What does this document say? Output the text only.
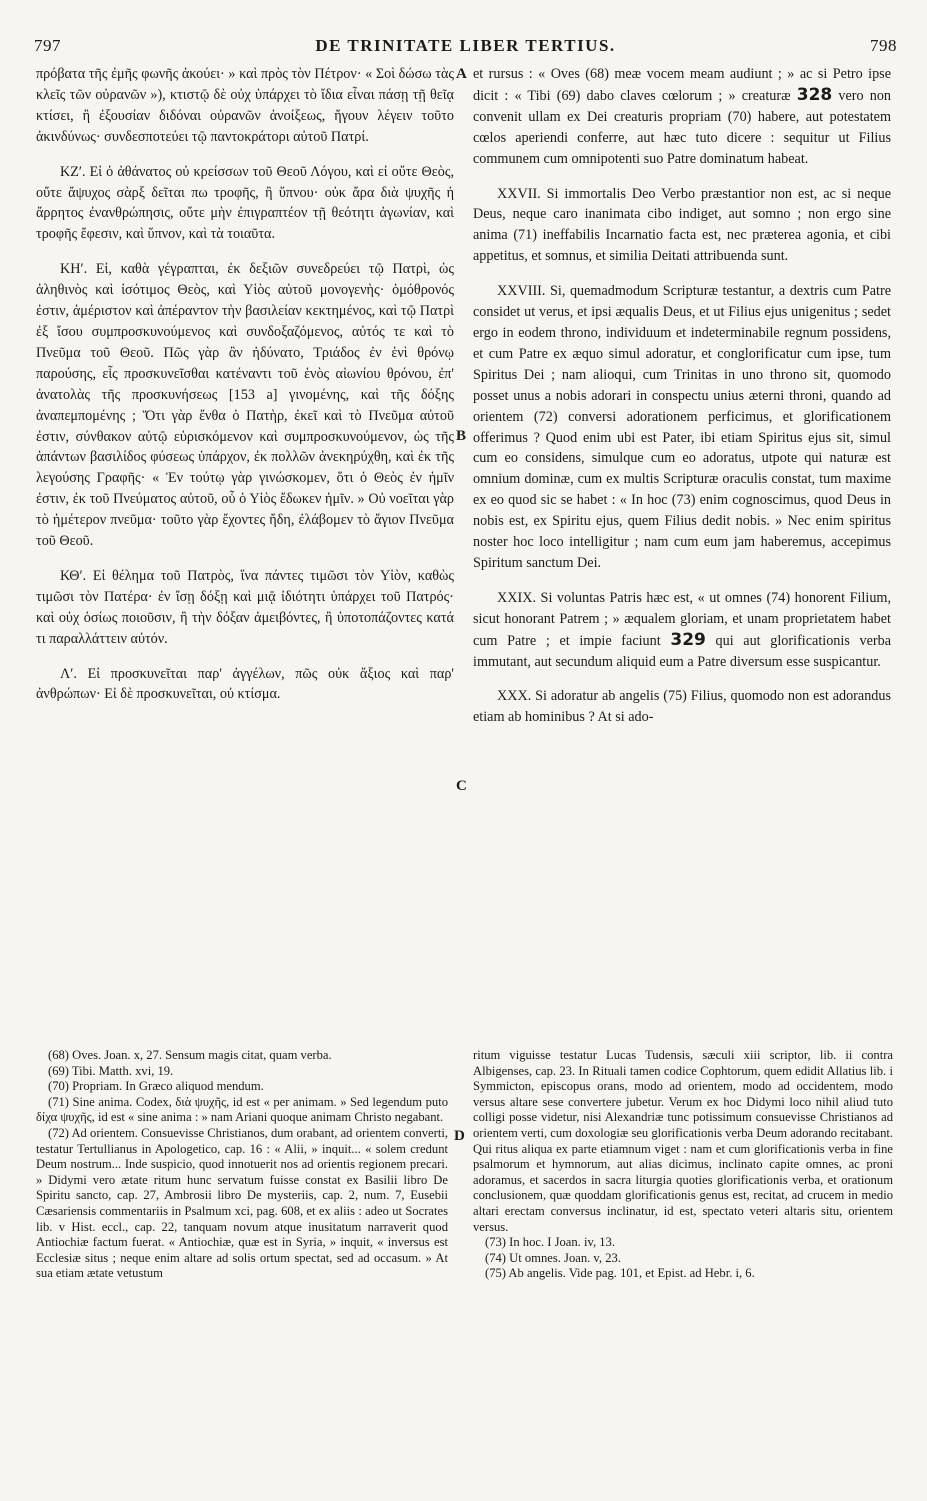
797	DE TRINITATE LIBER TERTIUS.	798

πρόβατα τῆς ἐμῆς φωνῆς ἀκούει· » καὶ πρὸς τὸν Πέτρον· « Σοὶ δώσω τὰς κλεῖς τῶν οὐρανῶν »), κτιστῷ δὲ οὐχ ὑπάρχει τὸ ἴδια εἶναι πάσῃ τῇ θεῖᾳ κτίσει, ἢ ἐξουσίαν διδόναι οὐρανῶν ἀνοίξεως, ἤγουν λέγειν τοῦτο ἀκινδύνως· συνδεσποτεύει τῷ παντοκράτορι αὐτοῦ Πατρί.

ΚΖʹ. Εἰ ὁ ἀθάνατος οὐ κρείσσων τοῦ Θεοῦ Λόγου, καὶ εἰ οὔτε Θεὸς, οὔτε ἄψυχος σὰρξ δεῖται πω τροφῆς, ἢ ὕπνου· οὐκ ἄρα διὰ ψυχῆς ἡ ἄρρητος ἐνανθρώπησις, οὔτε μὴν ἐπιγραπτέον τῇ θεότητι ἀγωνίαν, καὶ τροφῆς ἔφεσιν, καὶ ὕπνον, καὶ τὰ τοιαῦτα.

ΚΗʹ. Εἰ, καθὰ γέγραπται, ἐκ δεξιῶν συνεδρεύει τῷ Πατρὶ, ὡς ἀληθινὸς καὶ ἰσότιμος Θεὸς, καὶ Υἱὸς αὐτοῦ μονογενὴς· ὁμόθρονός ἐστιν, ἀμέριστον καὶ ἀπέραντον τὴν βασιλείαν κεκτημένος, καὶ τῷ Πατρὶ ἐξ ἴσου συμπροσκυνούμενος καὶ συνδοξαζόμενος, αὐτός τε καὶ τὸ Πνεῦμα τοῦ Θεοῦ. Πῶς γὰρ ἂν ἠδύνατο, Τριάδος ἐν ἑνὶ θρόνῳ παρούσης, εἷς προσκυνεῖσθαι κατέναντι τοῦ ἑνὸς αἰωνίου θρόνου, ἐπ' ἀνατολὰς τῆς προσκυνήσεως [153 a] γινομένης, καὶ τῆς δόξης ἀναπεμπομένης ; Ὅτι γὰρ ἔνθα ὁ Πατὴρ, ἐκεῖ καὶ τὸ Πνεῦμα αὐτοῦ ἐστιν, σύνθακον αὐτῷ εὑρισκόμενον καὶ συμπροσκυνούμενον, ὡς τῆς ἁπάντων βασιλίδος φύσεως ὑπάρχον, ἐκ πολλῶν ἀνεκηρύχθη, καὶ ἐκ τῆς λεγούσης Γραφῆς· « Ἐν τούτῳ γὰρ γινώσκομεν, ὅτι ὁ Θεὸς ἐν ἡμῖν ἐστιν, ἐκ τοῦ Πνεύματος αὐτοῦ, οὗ ὁ Υἱὸς ἔδωκεν ἡμῖν. » Οὐ νοεῖται γὰρ τὸ ἡμέτερον πνεῦμα· τοῦτο γὰρ ἔχοντες ἤδη, ἐλάβομεν τὸ ἅγιον Πνεῦμα τοῦ Θεοῦ.

ΚΘʹ. Εἰ θέλημα τοῦ Πατρὸς, ἵνα πάντες τιμῶσι τὸν Υἱὸν, καθὼς τιμῶσι τὸν Πατέρα· ἐν ἴσῃ δόξῃ καὶ μιᾷ ἰδιότητι ὑπάρχει τοῦ Πατρός· καὶ οὐχ ὁσίως ποιοῦσιν, ἢ τὴν δόξαν ἀμειβόντες, ἢ ὑποτοπάζοντες κατά τι παραλλάττειν αὐτόν.

Λʹ. Εἰ προσκυνεῖται παρ' ἀγγέλων, πῶς οὐκ ἄξιος καὶ παρ' ἀνθρώπων· Εἰ δὲ προσκυνεῖται, οὐ κτίσμα.

A
B
C
D

et rursus : « Oves (68) meæ vocem meam audiunt ; » ac si Petro ipse dicit : « Tibi (69) dabo claves cœlorum ; » creaturæ 328 vero non convenit ullam ex Dei creaturis propriam (70) habere, aut potestatem cœlos aperiendi conferre, aut hæc tuto dicere : sequitur ut Filius communem cum omnipotenti suo Patre dominatum habeat.

XXVII. Si immortalis Deo Verbo præstantior non est, ac si neque Deus, neque caro inanimata cibo indiget, aut somno ; non ergo sine anima (71) ineffabilis Incarnatio facta est, nec præterea agonia, et cibi appetitus, et somnus, et similia Deitati attribuenda sunt.

XXVIII. Si, quemadmodum Scripturæ testantur, a dextris cum Patre considet ut verus, et ipsi æqualis Deus, et ut Filius ejus unigenitus ; sedet ergo in eodem throno, individuum et indeterminabile regnum possidens, et cum Patre ex æquo simul adoratur, et conglorificatur cum ipse, tum Spiritus Dei ; nam alioqui, cum Trinitas in uno throno sit, quomodo posset unus a nobis adorari in conspectu unius æterni throni, quando ad orientem (72) conversi adorationem perficimus, et glorificationem offerimus ? Quod enim ubi est Pater, ibi etiam Spiritus ejus sit, simul cum eo considens, simulque cum eo adoratus, utpote qui naturæ est omnium dominæ, cum ex multis Scripturæ oraculis constat, tum maxime ex eo quod sic se habet : « In hoc (73) enim cognoscimus, quod Deus in nobis est, ex Spiritu ejus, quem Filius dedit nobis. » Nec enim spiritus noster hoc loco intelligitur ; nam cum eum jam haberemus, accepimus Spiritum sanctum Dei.

XXIX. Si voluntas Patris hæc est, « ut omnes (74) honorent Filium, sicut honorant Patrem ; » æqualem gloriam, et unam proprietatem habet cum Patre ; et impie faciunt 329 qui aut glorificationis verba immutant, aut secundum aliquid eum a Patre diversum esse suspicantur.

XXX. Si adoratur ab angelis (75) Filius, quomodo non est adorandus etiam ab hominibus ? At si ado-

(68) Oves. Joan. x, 27. Sensum magis citat, quam verba.

(69) Tibi. Matth. xvi, 19.

(70) Propriam. In Græco aliquod mendum.

(71) Sine anima. Codex, διὰ ψυχῆς, id est « per animam. » Sed legendum puto δίχα ψυχῆς, id est « sine anima : » nam Ariani quoque animam Christo negabant.

(72) Ad orientem. Consuevisse Christianos, dum orabant, ad orientem converti, testatur Tertullianus in Apologetico, cap. 16 : « Alii, » inquit... « solem credunt Deum nostrum... Inde suspicio, quod innotuerit nos ad orientis regionem precari. » Didymi vero ætate ritum hunc servatum fuisse constat ex Basilii libro De Spiritu sancto, cap. 27, Ambrosii libro De mysteriis, cap. 2, num. 7, Eusebii Cæsariensis commentariis in Psalmum xci, pag. 608, et ex aliis : adeo ut Socrates lib. v Hist. eccl., cap. 22, tanquam novum atque inusitatum narraverit quod Antiochiæ factum fuerat. « Antiochiæ, quæ est in Syria, » inquit, « inversus est Ecclesiæ situs ; neque enim altare ad solis ortum spectat, sed ad occasum. » At sua etiam ætate vetustum

ritum viguisse testatur Lucas Tudensis, sæculi xiii scriptor, lib. ii contra Albigenses, cap. 23. In Rituali tamen codice Cophtorum, quem edidit Allatius lib. i Symmicton, episcopus orans, modo ad orientem, modo ad occidentem, modo versus altare sese convertere jubetur. Verum ex hoc Didymi loco nihil aliud tuto colligi posse videtur, nisi Alexandriæ tunc potissimum consuevisse Christianos ad orientem verti, cum doxologiæ seu glorificationis verba Deum adorando recitabant. Qui ritus aliqua ex parte etiamnum viget : nam et cum glorificationis verba in fine psalmorum et hymnorum, aut alias dicimus, inclinato capite omnes, ac proni adoramus, et sacerdos in sacra liturgia quoties glorificationis verba, et orationum conclusionem, quæ quoddam glorificationis genus est, recitat, ad crucem in medio altari erectam conversus inclinatur, id est, spectato veteri altaris situ, orientem versus.

(73) In hoc. I Joan. iv, 13.

(74) Ut omnes. Joan. v, 23.

(75) Ab angelis. Vide pag. 101, et Epist. ad Hebr. i, 6.
